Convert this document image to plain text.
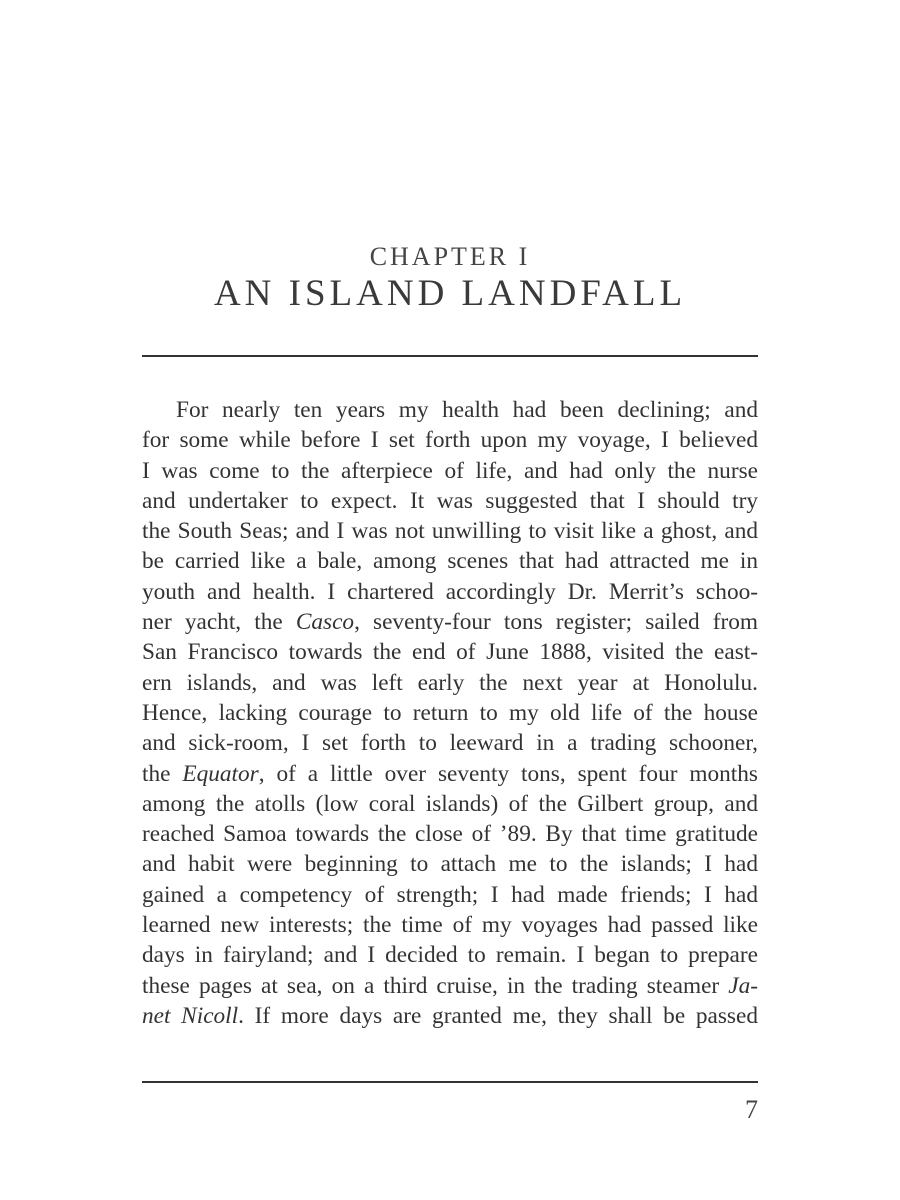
CHAPTER I
AN ISLAND LANDFALL
For nearly ten years my health had been declining; and
for some while before I set forth upon my voyage, I believed
I was come to the afterpiece of life, and had only the nurse
and undertaker to expect. It was suggested that I should try
the South Seas; and I was not unwilling to visit like a ghost, and
be carried like a bale, among scenes that had attracted me in
youth and health. I chartered accordingly Dr. Merrit’s schoo-
ner yacht, the Casco, seventy-four tons register; sailed from
San Francisco towards the end of June 1888, visited the east-
ern islands, and was left early the next year at Honolulu.
Hence, lacking courage to return to my old life of the house
and sick-room, I set forth to leeward in a trading schooner,
the Equator, of a little over seventy tons, spent four months
among the atolls (low coral islands) of the Gilbert group, and
reached Samoa towards the close of ’89. By that time gratitude
and habit were beginning to attach me to the islands; I had
gained a competency of strength; I had made friends; I had
learned new interests; the time of my voyages had passed like
days in fairyland; and I decided to remain. I began to prepare
these pages at sea, on a third cruise, in the trading steamer Ja-
net Nicoll. If more days are granted me, they shall be passed
7
